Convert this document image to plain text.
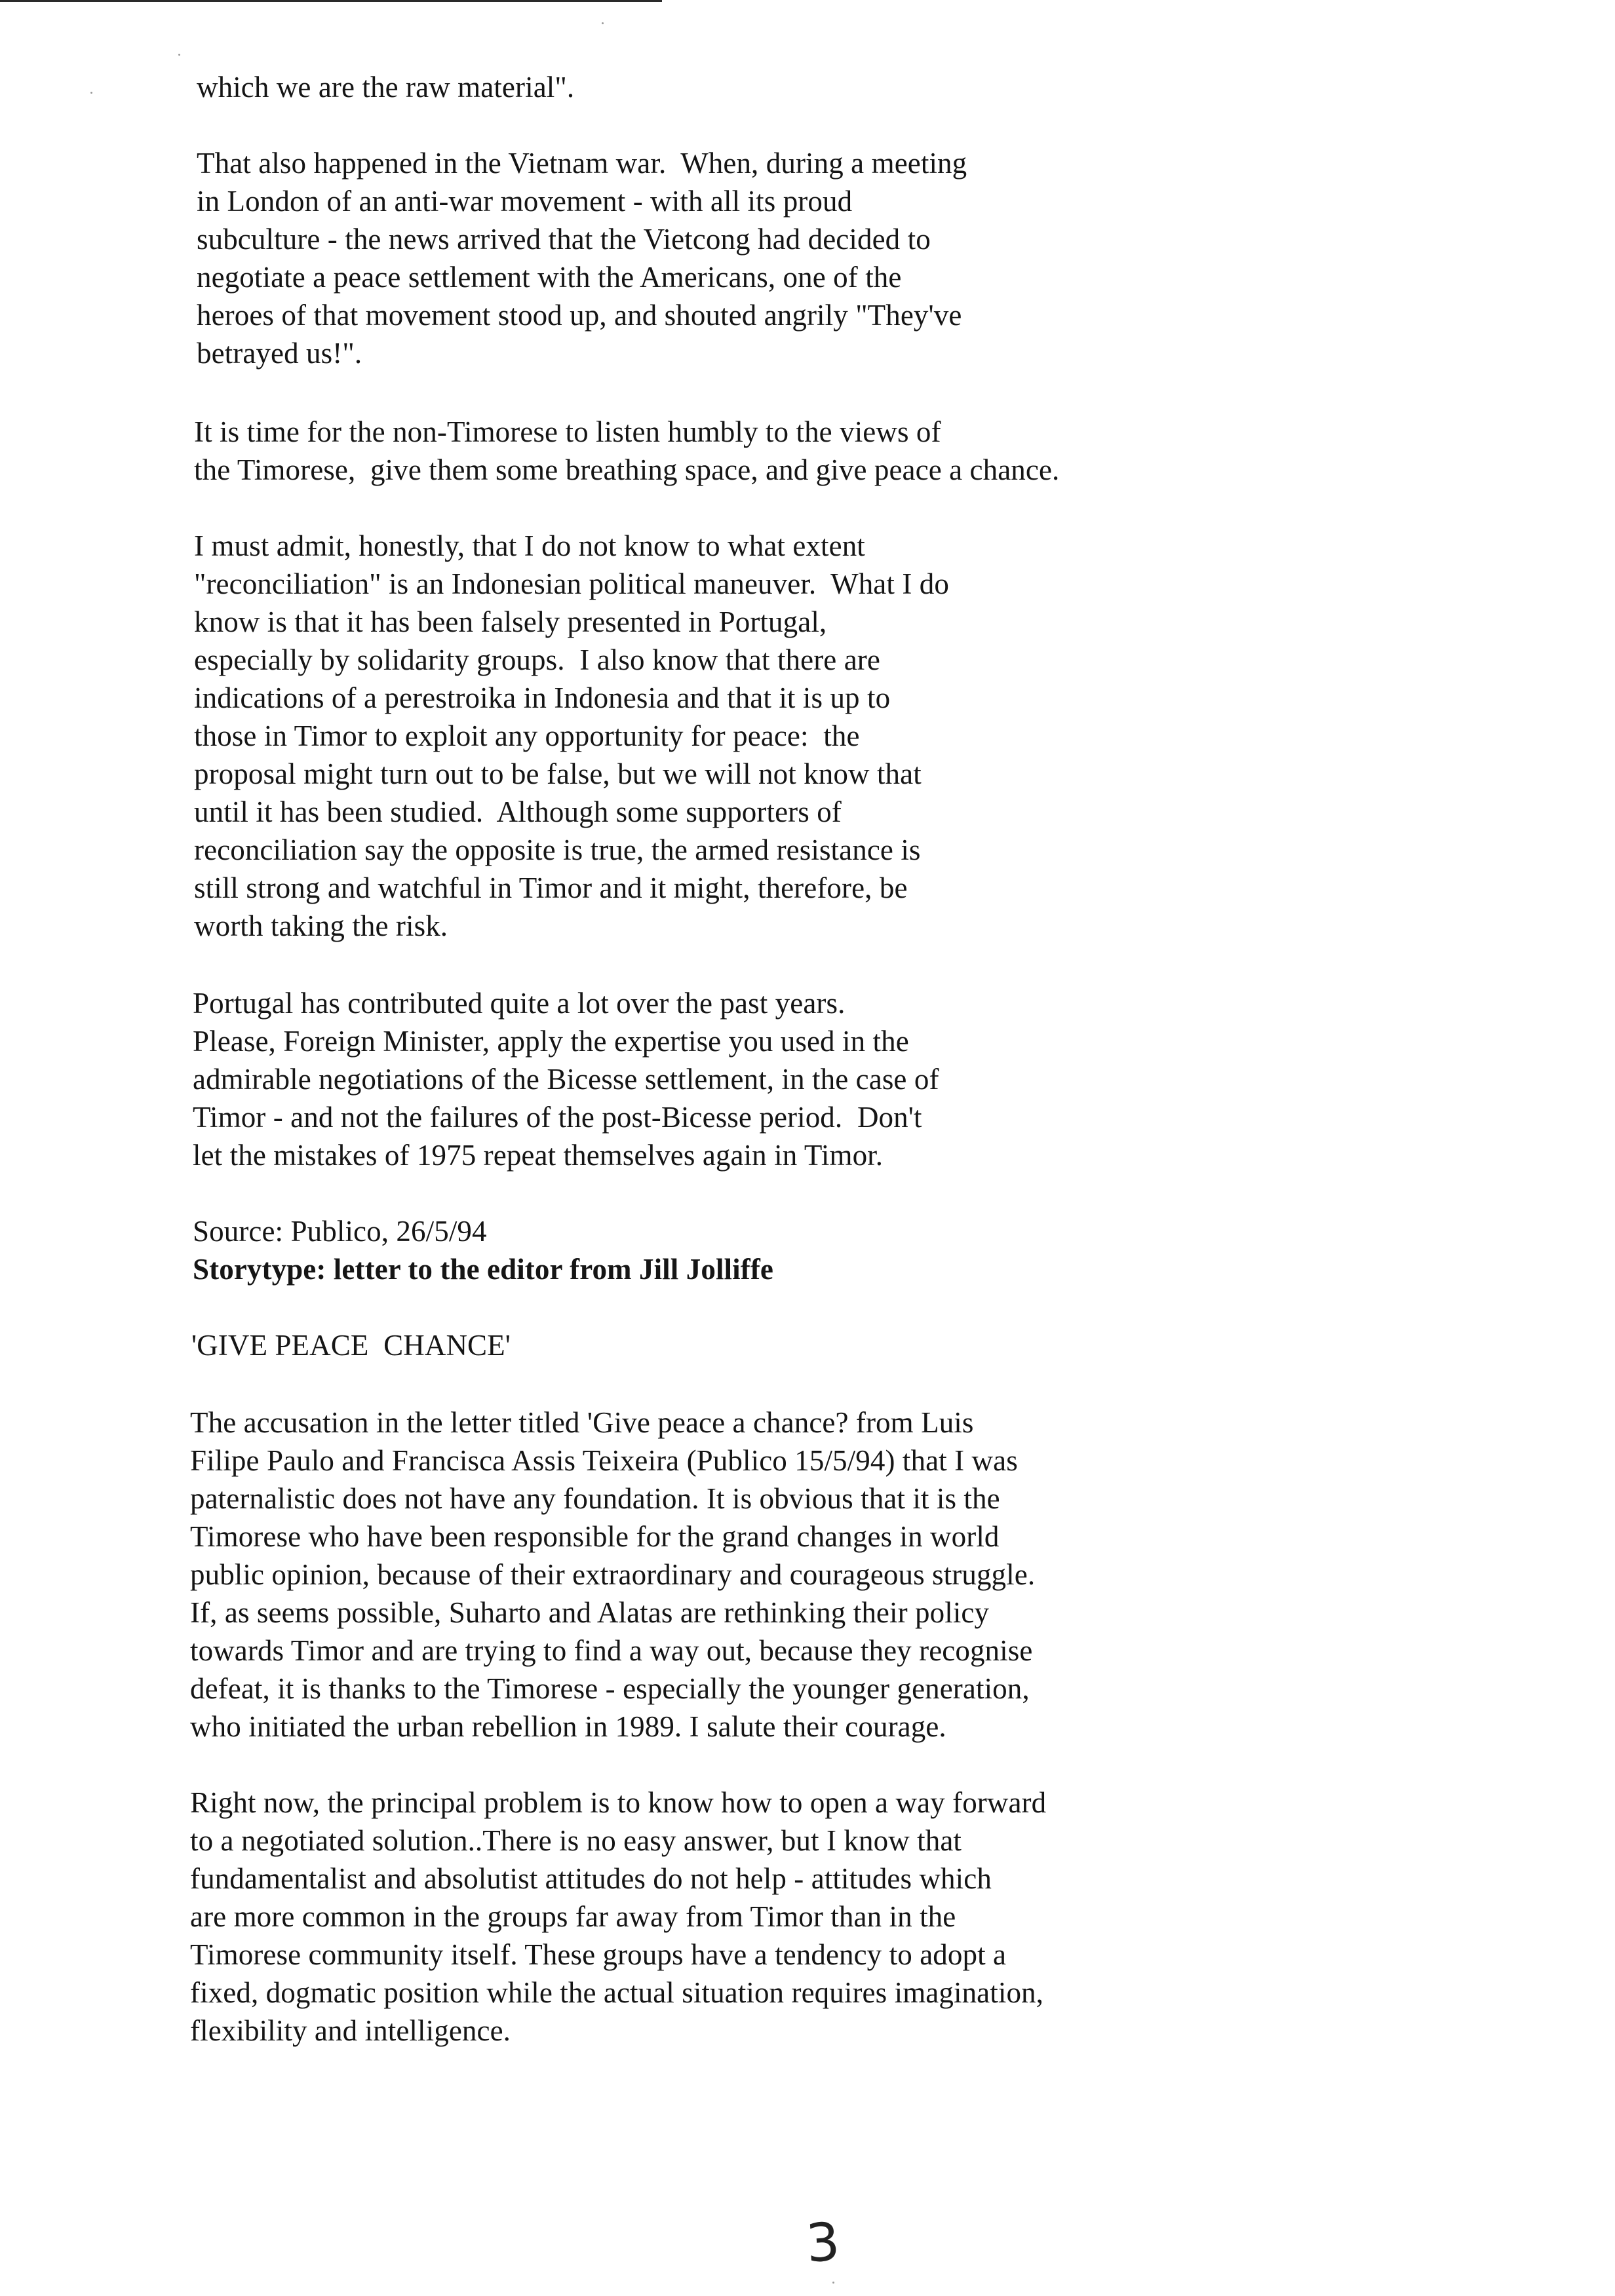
which we are the raw material".

That also happened in the Vietnam war.  When, during a meeting
in London of an anti-war movement - with all its proud
subculture - the news arrived that the Vietcong had decided to
negotiate a peace settlement with the Americans, one of the
heroes of that movement stood up, and shouted angrily "They've
betrayed us!".

It is time for the non-Timorese to listen humbly to the views of
the Timorese,  give them some breathing space, and give peace a chance.

I must admit, honestly, that I do not know to what extent
"reconciliation" is an Indonesian political maneuver.  What I do
know is that it has been falsely presented in Portugal,
especially by solidarity groups.  I also know that there are
indications of a perestroika in Indonesia and that it is up to
those in Timor to exploit any opportunity for peace:  the
proposal might turn out to be false, but we will not know that
until it has been studied.  Although some supporters of
reconciliation say the opposite is true, the armed resistance is
still strong and watchful in Timor and it might, therefore, be
worth taking the risk.

Portugal has contributed quite a lot over the past years.
Please, Foreign Minister, apply the expertise you used in the
admirable negotiations of the Bicesse settlement, in the case of
Timor - and not the failures of the post-Bicesse period.  Don't
let the mistakes of 1975 repeat themselves again in Timor.

Source: Publico, 26/5/94

Storytype: letter to the editor from Jill Jolliffe

'GIVE PEACE  CHANCE'

The accusation in the letter titled 'Give peace a chance? from Luis
Filipe Paulo and Francisca Assis Teixeira (Publico 15/5/94) that I was
paternalistic does not have any foundation. It is obvious that it is the
Timorese who have been responsible for the grand changes in world
public opinion, because of their extraordinary and courageous struggle.
If, as seems possible, Suharto and Alatas are rethinking their policy
towards Timor and are trying to find a way out, because they recognise
defeat, it is thanks to the Timorese - especially the younger generation,
who initiated the urban rebellion in 1989. I salute their courage.

Right now, the principal problem is to know how to open a way forward
to a negotiated solution..There is no easy answer, but I know that
fundamentalist and absolutist attitudes do not help - attitudes which
are more common in the groups far away from Timor than in the
Timorese community itself. These groups have a tendency to adopt a
fixed, dogmatic position while the actual situation requires imagination,
flexibility and intelligence.

3
